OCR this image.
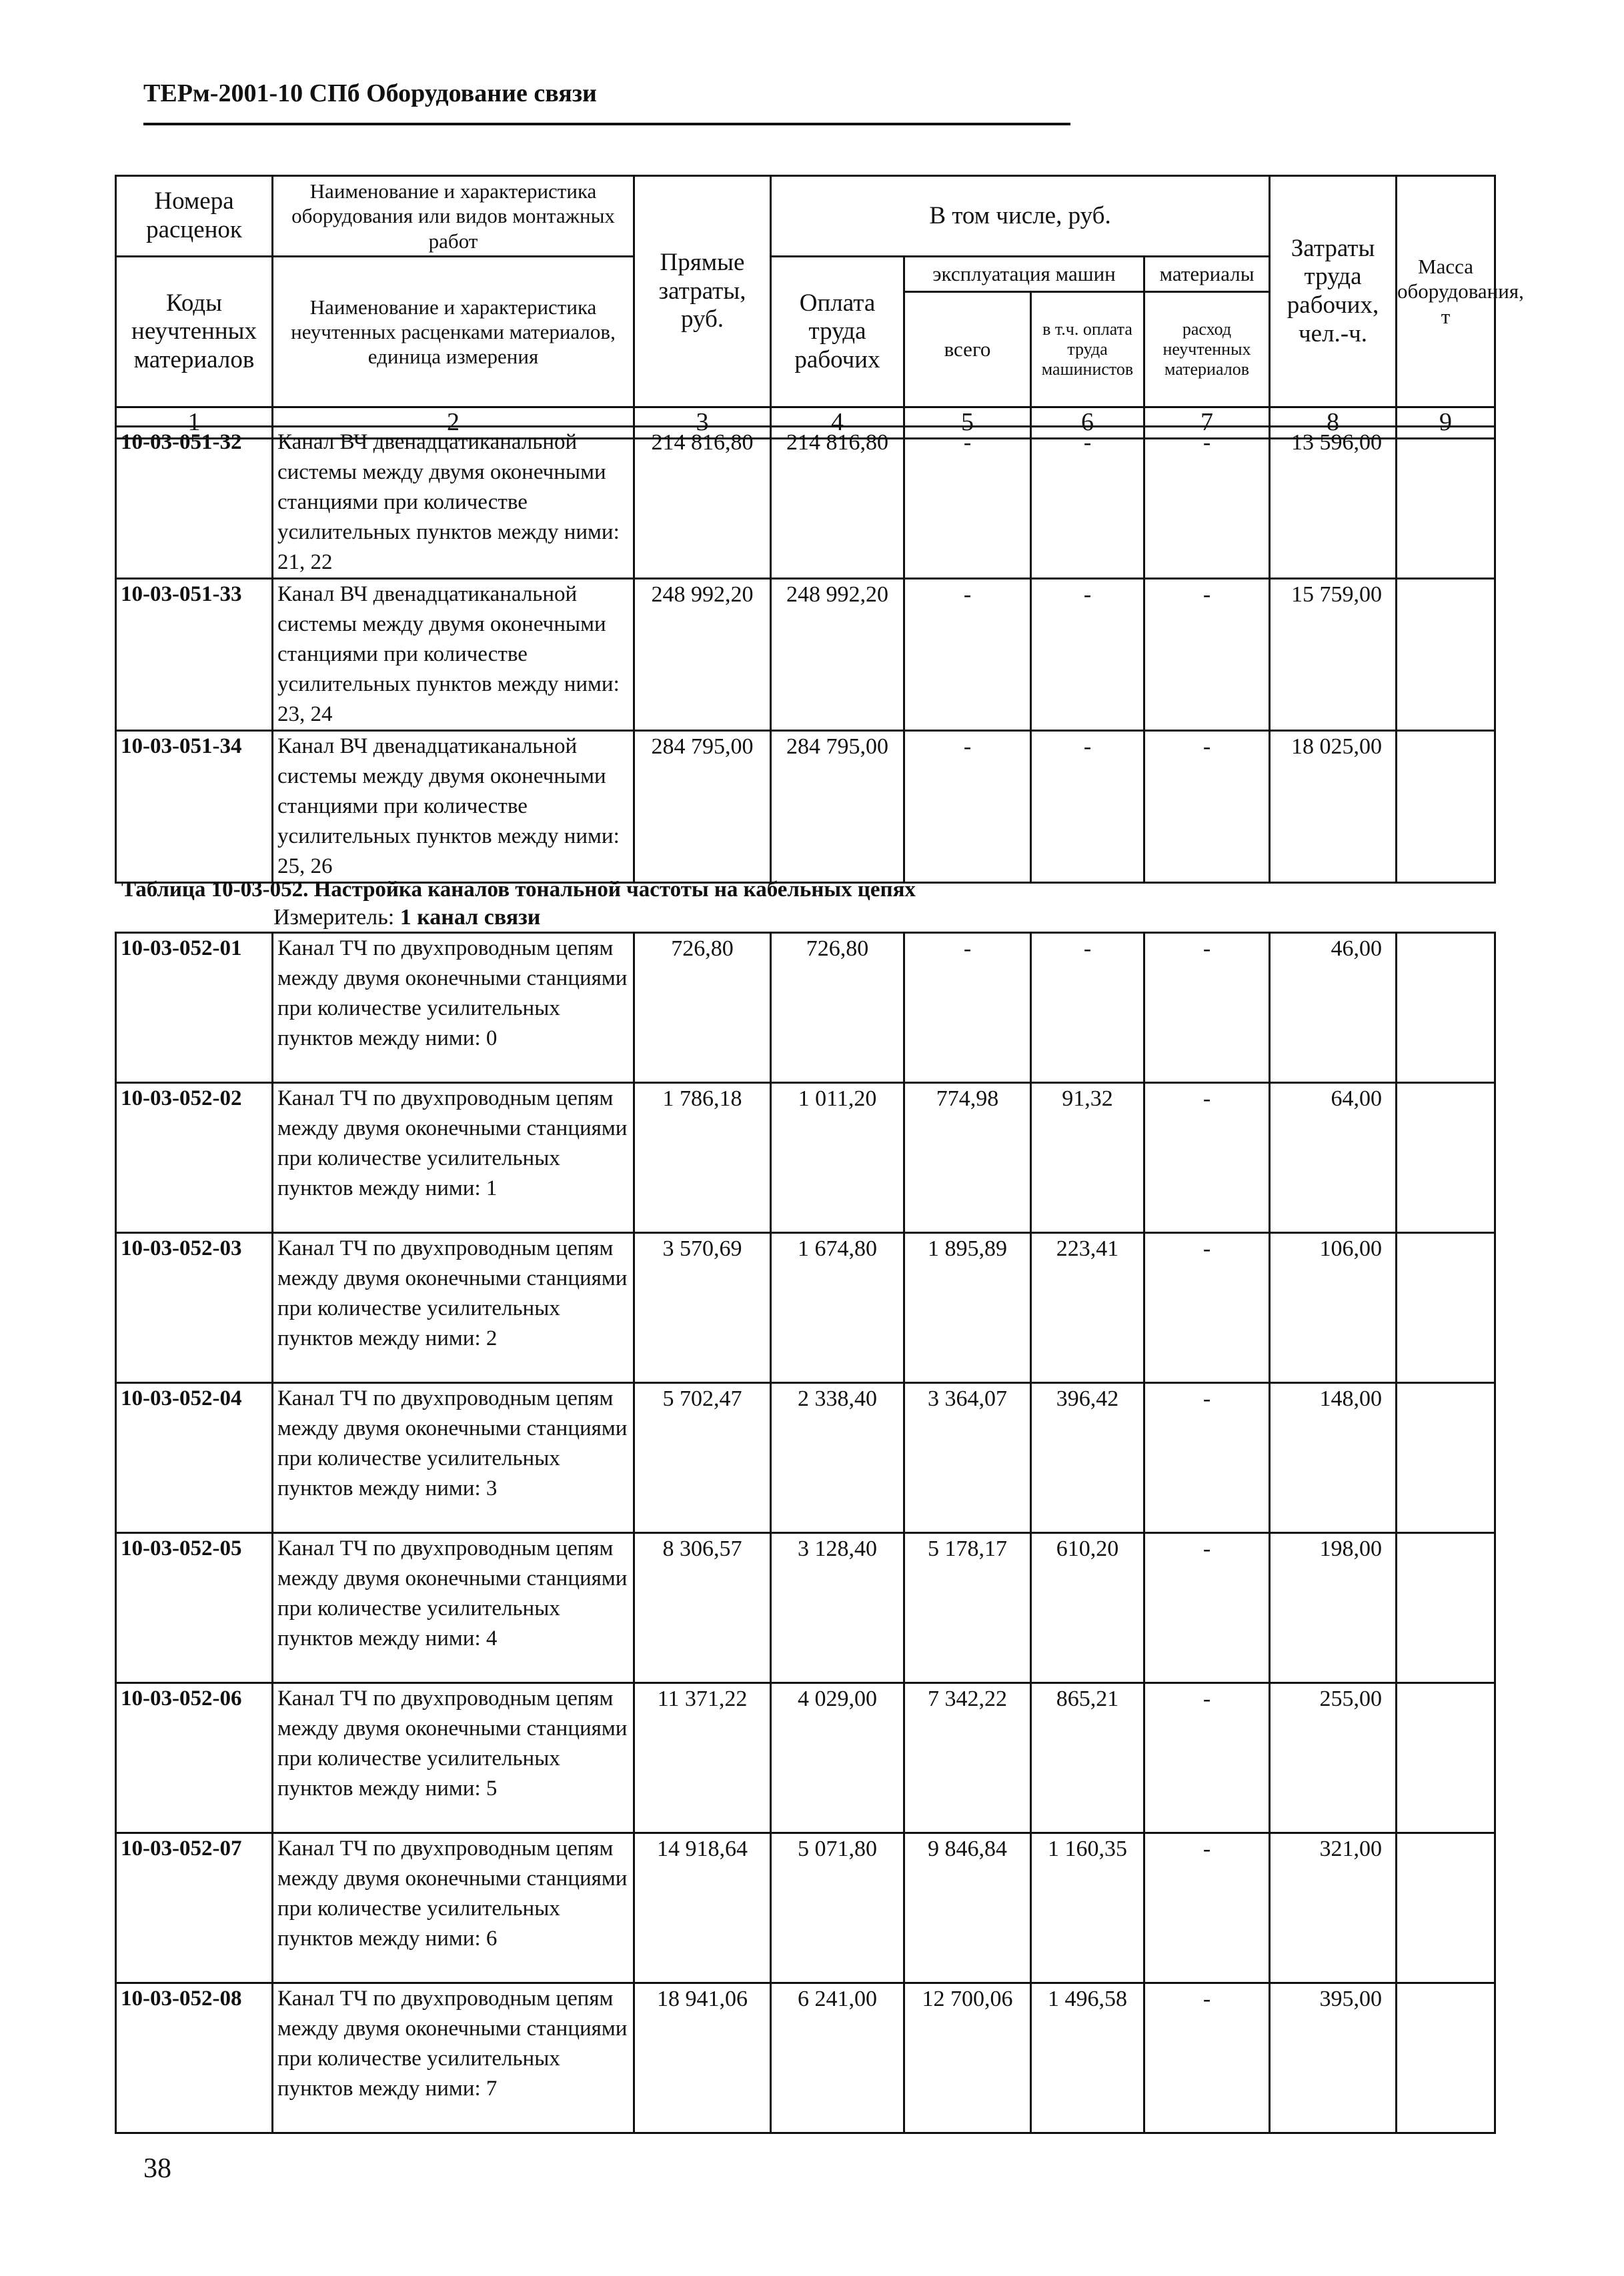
ТЕРм-2001-10 СПб Оборудование связи
Номера расценок	Наименование и характеристика оборудования или видов монтажных работ	Прямые затраты, руб.	В том числе, руб.				Затраты труда рабочих, чел.-ч.	Масса оборудования, т
Коды неучтенных материалов	Наименование и характеристика неучтенных расценками материалов, единица измерения		Оплата труда рабочих	эксплуатация машин		материалы		
				всего	в т.ч. оплата труда машинистов	расход неучтенных материалов		
1	2	3	4	5	6	7	8	9
10-03-051-32	Канал ВЧ двенадцатиканальной системы между двумя оконечными станциями при количестве усилительных пунктов между ними: 21, 22	214 816,80	214 816,80	-	-	-	13 596,00	
10-03-051-33	Канал ВЧ двенадцатиканальной системы между двумя оконечными станциями при количестве усилительных пунктов между ними: 23, 24	248 992,20	248 992,20	-	-	-	15 759,00	
10-03-051-34	Канал ВЧ двенадцатиканальной системы между двумя оконечными станциями при количестве усилительных пунктов между ними: 25, 26	284 795,00	284 795,00	-	-	-	18 025,00	
Таблица 10-03-052. Настройка каналов тональной частоты на кабельных цепях
Измеритель: 1 канал связи
10-03-052-01	Канал ТЧ по двухпроводным цепям между двумя оконечными станциями при количестве усилительных пунктов между ними: 0	726,80	726,80	-	-	-	46,00	
10-03-052-02	Канал ТЧ по двухпроводным цепям между двумя оконечными станциями при количестве усилительных пунктов между ними: 1	1 786,18	1 011,20	774,98	91,32	-	64,00	
10-03-052-03	Канал ТЧ по двухпроводным цепям между двумя оконечными станциями при количестве усилительных пунктов между ними: 2	3 570,69	1 674,80	1 895,89	223,41	-	106,00	
10-03-052-04	Канал ТЧ по двухпроводным цепям между двумя оконечными станциями при количестве усилительных пунктов между ними: 3	5 702,47	2 338,40	3 364,07	396,42	-	148,00	
10-03-052-05	Канал ТЧ по двухпроводным цепям между двумя оконечными станциями при количестве усилительных пунктов между ними: 4	8 306,57	3 128,40	5 178,17	610,20	-	198,00	
10-03-052-06	Канал ТЧ по двухпроводным цепям между двумя оконечными станциями при количестве усилительных пунктов между ними: 5	11 371,22	4 029,00	7 342,22	865,21	-	255,00	
10-03-052-07	Канал ТЧ по двухпроводным цепям между двумя оконечными станциями при количестве усилительных пунктов между ними: 6	14 918,64	5 071,80	9 846,84	1 160,35	-	321,00	
10-03-052-08	Канал ТЧ по двухпроводным цепям между двумя оконечными станциями при количестве усилительных пунктов между ними: 7	18 941,06	6 241,00	12 700,06	1 496,58	-	395,00	
38
